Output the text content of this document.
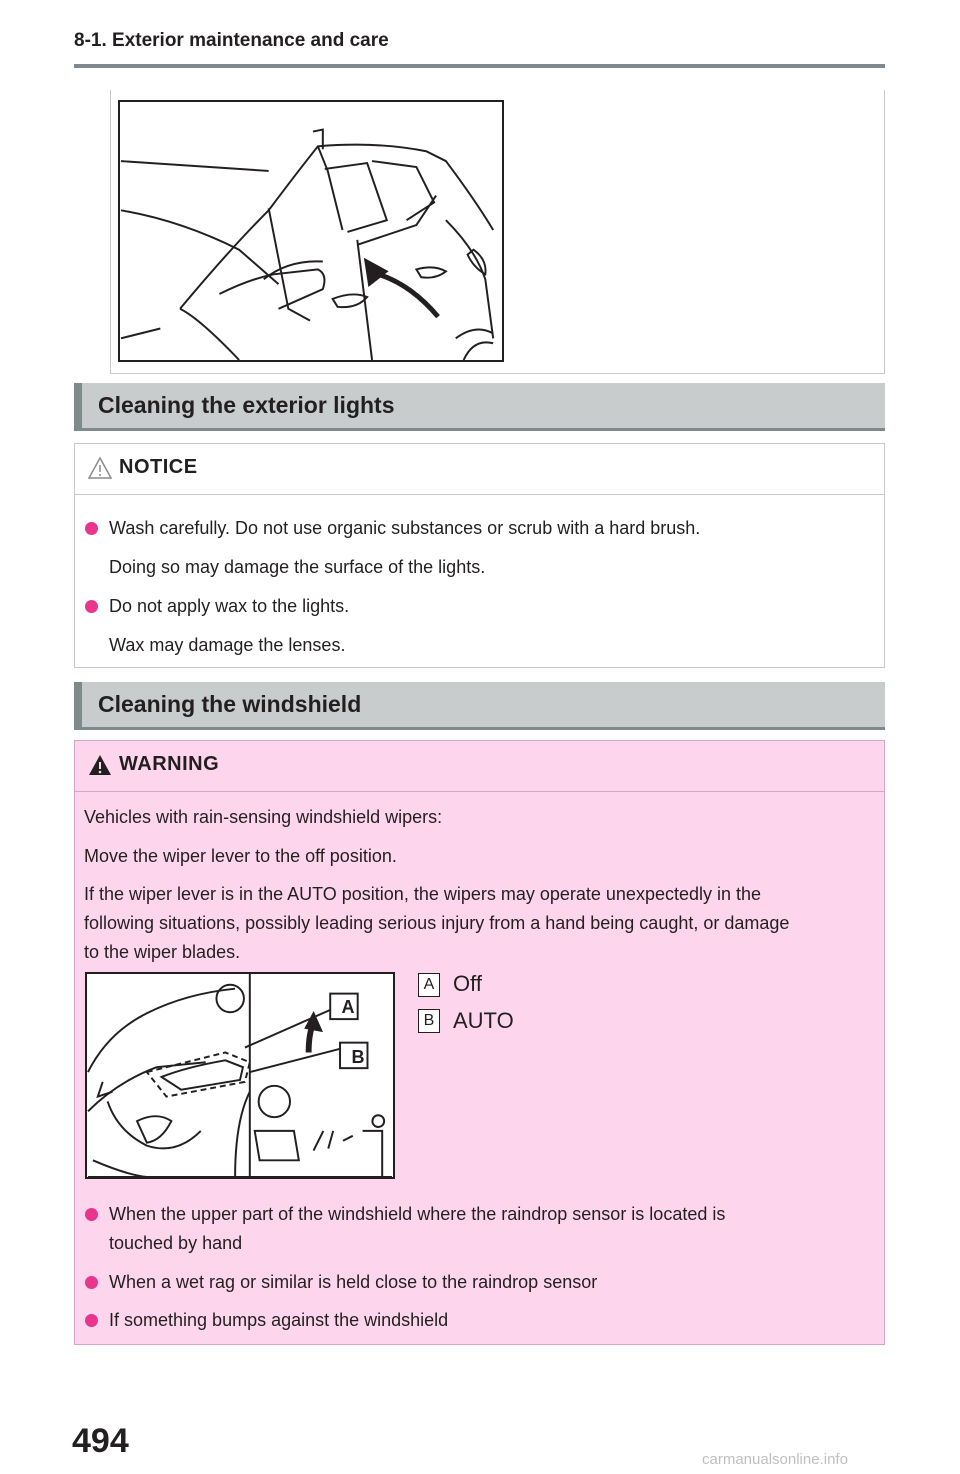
8-1. Exterior maintenance and care
Cleaning the exterior lights
NOTICE
Wash carefully. Do not use organic substances or scrub with a hard brush.
Doing so may damage the surface of the lights.
Do not apply wax to the lights.
Wax may damage the lenses.
Cleaning the windshield
WARNING
Vehicles with rain-sensing windshield wipers:
Move the wiper lever to the off position.
If the wiper lever is in the AUTO position, the wipers may operate unexpectedly in the
following situations, possibly leading serious injury from a hand being caught, or damage
to the wiper blades.
A
B
A Off
B AUTO
When the upper part of the windshield where the raindrop sensor is located is
touched by hand
When a wet rag or similar is held close to the raindrop sensor
If something bumps against the windshield
494	carmanualsonline.info
